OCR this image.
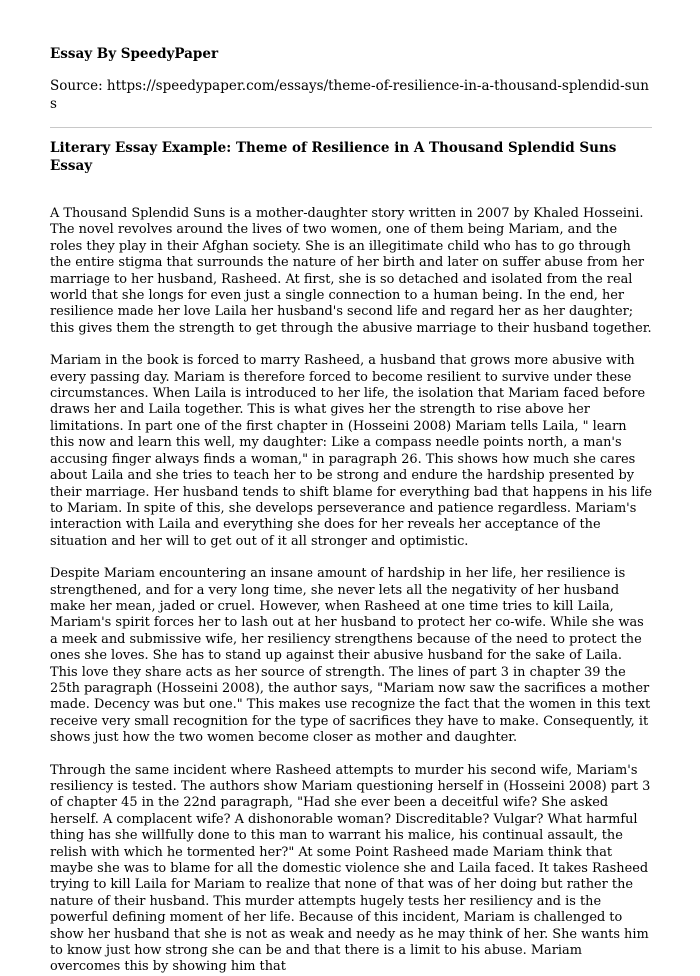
Essay By SpeedyPaper

Source: https://speedypaper.com/essays/theme-of-resilience-in-a-thousand-splendid-suns

Literary Essay Example: Theme of Resilience in A Thousand Splendid Suns Essay

A Thousand Splendid Suns is a mother-daughter story written in 2007 by Khaled Hosseini. The novel revolves around the lives of two women, one of them being Mariam, and the roles they play in their Afghan society. She is an illegitimate child who has to go through the entire stigma that surrounds the nature of her birth and later on suffer abuse from her marriage to her husband, Rasheed. At first, she is so detached and isolated from the real world that she longs for even just a single connection to a human being. In the end, her resilience made her love Laila her husband's second life and regard her as her daughter; this gives them the strength to get through the abusive marriage to their husband together.

Mariam in the book is forced to marry Rasheed, a husband that grows more abusive with every passing day. Mariam is therefore forced to become resilient to survive under these circumstances. When Laila is introduced to her life, the isolation that Mariam faced before draws her and Laila together. This is what gives her the strength to rise above her limitations. In part one of the first chapter in (Hosseini 2008) Mariam tells Laila, " learn this now and learn this well, my daughter: Like a compass needle points north, a man's accusing finger always finds a woman," in paragraph 26. This shows how much she cares about Laila and she tries to teach her to be strong and endure the hardship presented by their marriage. Her husband tends to shift blame for everything bad that happens in his life to Mariam. In spite of this, she develops perseverance and patience regardless. Mariam's interaction with Laila and everything she does for her reveals her acceptance of the situation and her will to get out of it all stronger and optimistic.

Despite Mariam encountering an insane amount of hardship in her life, her resilience is strengthened, and for a very long time, she never lets all the negativity of her husband make her mean, jaded or cruel. However, when Rasheed at one time tries to kill Laila, Mariam's spirit forces her to lash out at her husband to protect her co-wife. While she was a meek and submissive wife, her resiliency strengthens because of the need to protect the ones she loves. She has to stand up against their abusive husband for the sake of Laila. This love they share acts as her source of strength. The lines of part 3 in chapter 39 the 25th paragraph (Hosseini 2008), the author says, "Mariam now saw the sacrifices a mother made. Decency was but one." This makes use recognize the fact that the women in this text receive very small recognition for the type of sacrifices they have to make. Consequently, it shows just how the two women become closer as mother and daughter.

Through the same incident where Rasheed attempts to murder his second wife, Mariam's resiliency is tested. The authors show Mariam questioning herself in (Hosseini 2008) part 3 of chapter 45 in the 22nd paragraph, "Had she ever been a deceitful wife? She asked herself. A complacent wife? A dishonorable woman? Discreditable? Vulgar? What harmful thing has she willfully done to this man to warrant his malice, his continual assault, the relish with which he tormented her?" At some Point Rasheed made Mariam think that maybe she was to blame for all the domestic violence she and Laila faced. It takes Rasheed trying to kill Laila for Mariam to realize that none of that was of her doing but rather the nature of their husband. This murder attempts hugely tests her resiliency and is the powerful defining moment of her life. Because of this incident, Mariam is challenged to show her husband that she is not as weak and needy as he may think of her. She wants him to know just how strong she can be and that there is a limit to his abuse. Mariam overcomes this by showing him that
